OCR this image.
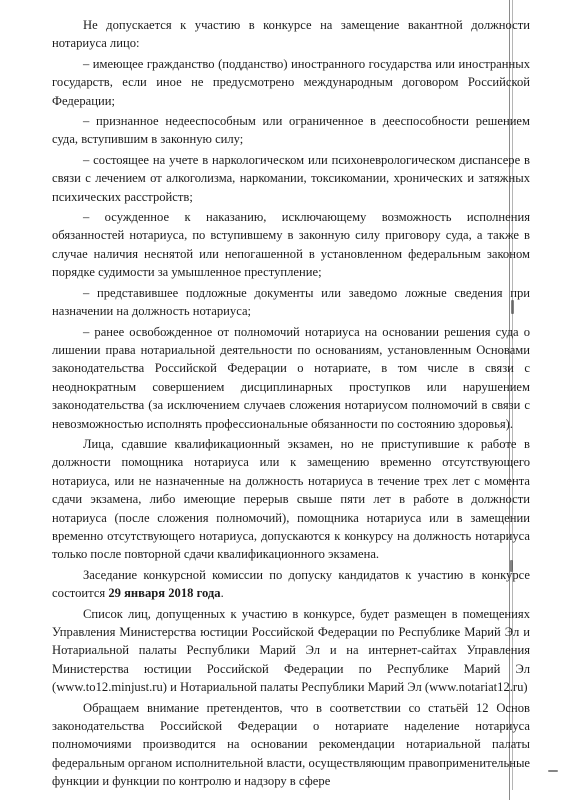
Не допускается к участию в конкурсе на замещение вакантной должности нотариуса лицо:

– имеющее гражданство (подданство) иностранного государства или иностранных государств, если иное не предусмотрено международным договором Российской Федерации;

– признанное недееспособным или ограниченное в дееспособности решением суда, вступившим в законную силу;

– состоящее на учете в наркологическом или психоневрологическом диспансере в связи с лечением от алкоголизма, наркомании, токсикомании, хронических и затяжных психических расстройств;

– осужденное к наказанию, исключающему возможность исполнения обязанностей нотариуса, по вступившему в законную силу приговору суда, а также в случае наличия неснятой или непогашенной в установленном федеральным законом порядке судимости за умышленное преступление;

– представившее подложные документы или заведомо ложные сведения при назначении на должность нотариуса;

– ранее освобожденное от полномочий нотариуса на основании решения суда о лишении права нотариальной деятельности по основаниям, установленным Основами законодательства Российской Федерации о нотариате, в том числе в связи с неоднократным совершением дисциплинарных проступков или нарушением законодательства (за исключением случаев сложения нотариусом полномочий в связи с невозможностью исполнять профессиональные обязанности по состоянию здоровья).

Лица, сдавшие квалификационный экзамен, но не приступившие к работе в должности помощника нотариуса или к замещению временно отсутствующего нотариуса, или не назначенные на должность нотариуса в течение трех лет с момента сдачи экзамена, либо имеющие перерыв свыше пяти лет в работе в должности нотариуса (после сложения полномочий), помощника нотариуса или в замещении временно отсутствующего нотариуса, допускаются к конкурсу на должность нотариуса только после повторной сдачи квалификационного экзамена.

Заседание конкурсной комиссии по допуску кандидатов к участию в конкурсе состоится 29 января 2018 года.

Список лиц, допущенных к участию в конкурсе, будет размещен в помещениях Управления Министерства юстиции Российской Федерации по Республике Марий Эл и Нотариальной палаты Республики Марий Эл и на интернет-сайтах Управления Министерства юстиции Российской Федерации по Республике Марий Эл (www.to12.minjust.ru) и Нотариальной палаты Республики Марий Эл (www.notariat12.ru)

Обращаем внимание претендентов, что в соответствии со статьёй 12 Основ законодательства Российской Федерации о нотариате наделение нотариуса полномочиями производится на основании рекомендации нотариальной палаты федеральным органом исполнительной власти, осуществляющим правоприменительные функции и функции по контролю и надзору в сфере
